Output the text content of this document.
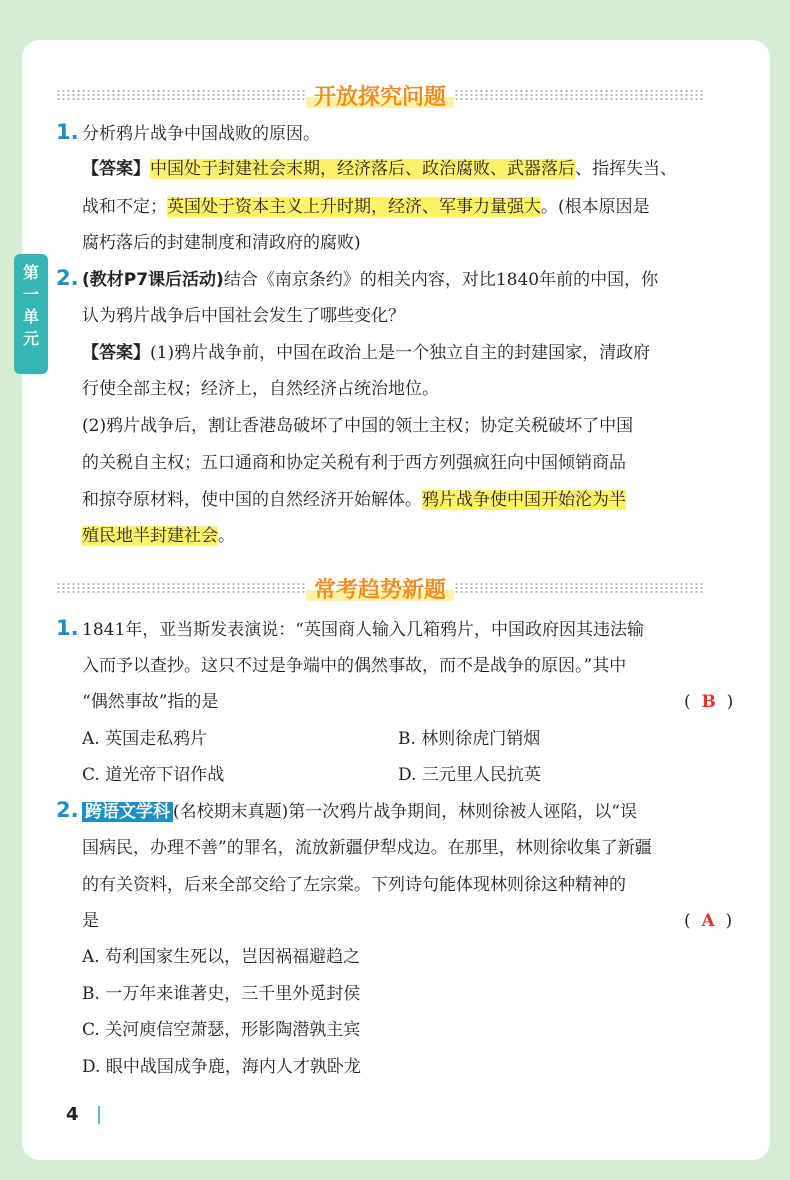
第
一
单
元
开放探究问题
1. 分析鸦片战争中国战败的原因。
【答案】中国处于封建社会末期，经济落后、政治腐败、武器落后、指挥失当、
战和不定；英国处于资本主义上升时期，经济、军事力量强大。(根本原因是
腐朽落后的封建制度和清政府的腐败)
2. (教材P7课后活动)结合《南京条约》的相关内容，对比1840年前的中国，你
认为鸦片战争后中国社会发生了哪些变化？
【答案】(1)鸦片战争前，中国在政治上是一个独立自主的封建国家，清政府
行使全部主权；经济上，自然经济占统治地位。
(2)鸦片战争后，割让香港岛破坏了中国的领土主权；协定关税破坏了中国
的关税自主权；五口通商和协定关税有利于西方列强疯狂向中国倾销商品
和掠夺原材料，使中国的自然经济开始解体。鸦片战争使中国开始沦为半
殖民地半封建社会。
常考趋势新题
1. 1841年，亚当斯发表演说：“英国商人输入几箱鸦片，中国政府因其违法输
入而予以查抄。这只不过是争端中的偶然事故，而不是战争的原因。”其中
“偶然事故”指的是	( B )
A. 英国走私鸦片	B. 林则徐虎门销烟
C. 道光帝下诏作战	D. 三元里人民抗英
2. 跨语文学科 (名校期末真题)第一次鸦片战争期间，林则徐被人诬陷，以“误
国病民，办理不善”的罪名，流放新疆伊犁戍边。在那里，林则徐收集了新疆
的有关资料，后来全部交给了左宗棠。下列诗句能体现林则徐这种精神的
是	( A )
A. 苟利国家生死以，岂因祸福避趋之
B. 一万年来谁著史，三千里外觅封侯
C. 关河庾信空萧瑟，形影陶潜孰主宾
D. 眼中战国成争鹿，海内人才孰卧龙
4
